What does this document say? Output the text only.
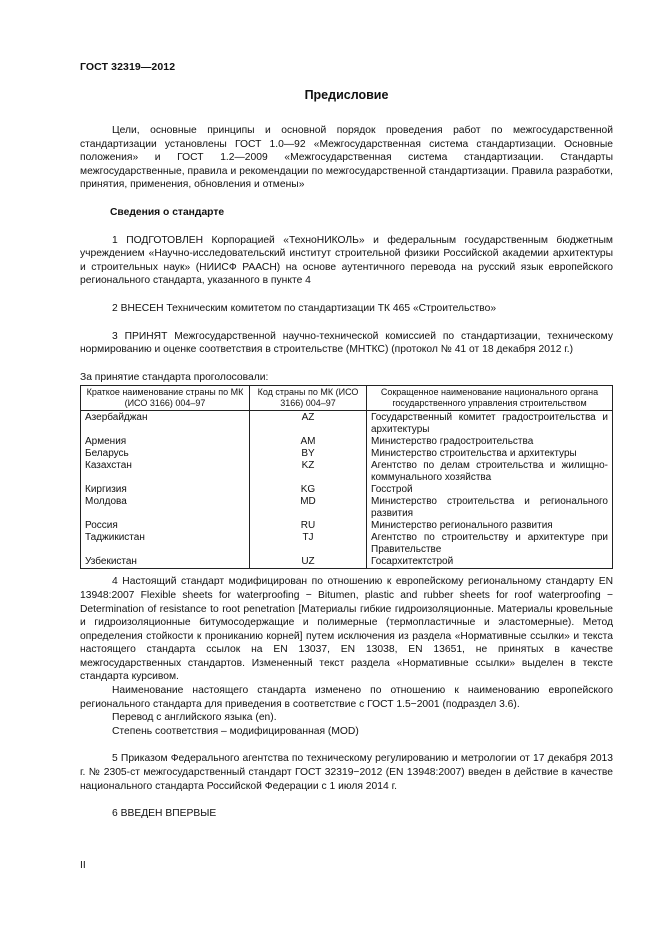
ГОСТ 32319—2012
Предисловие

Цели, основные принципы и основной порядок проведения работ по межгосударственной стандартизации установлены ГОСТ 1.0—92 «Межгосударственная система стандартизации. Основные положения» и ГОСТ 1.2—2009 «Межгосударственная система стандартизации. Стандарты межгосударственные, правила и рекомендации по межгосударственной стандартизации. Правила разработки, принятия, применения, обновления и отмены»

Сведения о стандарте

1 ПОДГОТОВЛЕН Корпорацией «ТехноНИКОЛЬ» и федеральным государственным бюджетным учреждением «Научно-исследовательский институт строительной физики Российской академии архитектуры и строительных наук» (НИИСФ РААСН) на основе аутентичного перевода на русский язык европейского регионального стандарта, указанного в пункте 4

2 ВНЕСЕН Техническим комитетом по стандартизации ТК 465 «Строительство»

3 ПРИНЯТ Межгосударственной научно-технической комиссией по стандартизации, техническому нормированию и оценке соответствия в строительстве (МНТКС) (протокол № 41 от 18 декабря 2012 г.)

За принятие стандарта проголосовали:
Краткое наименование страны по МК (ИСО 3166) 004–97	Код страны по МК (ИСО 3166) 004–97	Сокращенное наименование национального органа государственного управления строительством
Азербайджан	AZ	Государственный комитет градостроительства и архитектуры
Армения	AM	Министерство градостроительства
Беларусь	BY	Министерство строительства и архитектуры
Казахстан	KZ	Агентство по делам строительства и жилищно-коммунального хозяйства
Киргизия	KG	Госстрой
Молдова	MD	Министерство строительства и регионального развития
Россия	RU	Министерство регионального развития
Таджикистан	TJ	Агентство по строительству и архитектуре при Правительстве
Узбекистан	UZ	Госархитектстрой

4 Настоящий стандарт модифицирован по отношению к европейскому региональному стандарту EN 13948:2007 Flexible sheets for waterproofing − Bitumen, plastic and rubber sheets for roof waterproofing − Determination of resistance to root penetration [Материалы гибкие гидроизоляционные. Материалы кровельные и гидроизоляционные битумосодержащие и полимерные (термопластичные и эластомерные). Метод определения стойкости к прониканию корней] путем исключения из раздела «Нормативные ссылки» и текста настоящего стандарта ссылок на EN 13037, EN 13038, EN 13651, не принятых в качестве межгосударственных стандартов. Измененный текст раздела «Нормативные ссылки» выделен в тексте стандарта курсивом.

Наименование настоящего стандарта изменено по отношению к наименованию европейского регионального стандарта для приведения в соответствие с ГОСТ 1.5−2001 (подраздел 3.6).

Перевод с английского языка (en).

Степень соответствия – модифицированная (MOD)

5 Приказом Федерального агентства по техническому регулированию и метрологии от 17 декабря 2013 г. № 2305-ст межгосударственный стандарт ГОСТ 32319−2012 (EN 13948:2007) введен в действие в качестве национального стандарта Российской Федерации с 1 июля 2014 г.

6 ВВЕДЕН ВПЕРВЫЕ

II
